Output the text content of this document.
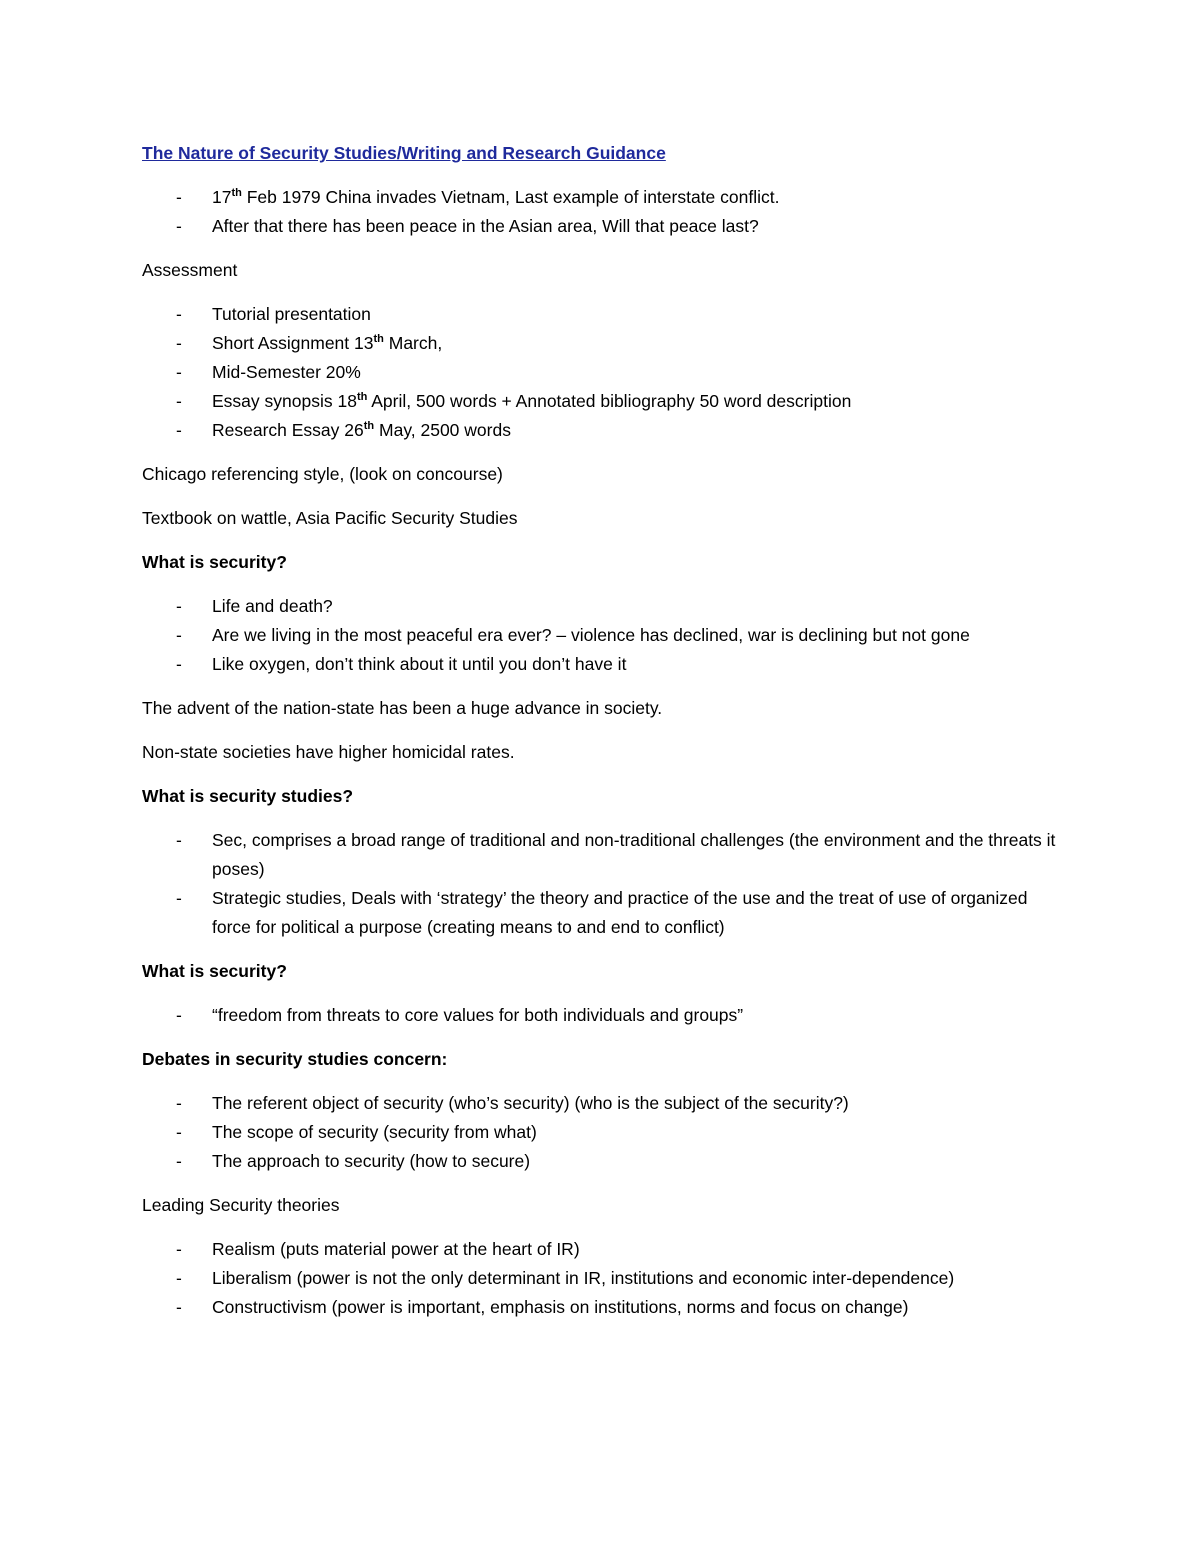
The Nature of Security Studies/Writing and Research Guidance

- 17th Feb 1979 China invades Vietnam, Last example of interstate conflict.
- After that there has been peace in the Asian area, Will that peace last?

Assessment

- Tutorial presentation
- Short Assignment 13th March,
- Mid-Semester 20%
- Essay synopsis 18th April, 500 words + Annotated bibliography 50 word description
- Research Essay 26th May, 2500 words

Chicago referencing style, (look on concourse)

Textbook on wattle, Asia Pacific Security Studies

What is security?

- Life and death?
- Are we living in the most peaceful era ever? – violence has declined, war is declining but not gone
- Like oxygen, don’t think about it until you don’t have it

The advent of the nation-state has been a huge advance in society.

Non-state societies have higher homicidal rates.

What is security studies?

- Sec, comprises a broad range of traditional and non-traditional challenges (the environment and the threats it poses)
- Strategic studies, Deals with ‘strategy’ the theory and practice of the use and the treat of use of organized force for political a purpose (creating means to and end to conflict)

What is security?

- “freedom from threats to core values for both individuals and groups”

Debates in security studies concern:

- The referent object of security (who’s security) (who is the subject of the security?)
- The scope of security (security from what)
- The approach to security (how to secure)

Leading Security theories

- Realism (puts material power at the heart of IR)
- Liberalism (power is not the only determinant in IR, institutions and economic inter-dependence)
- Constructivism (power is important, emphasis on institutions, norms and focus on change)
